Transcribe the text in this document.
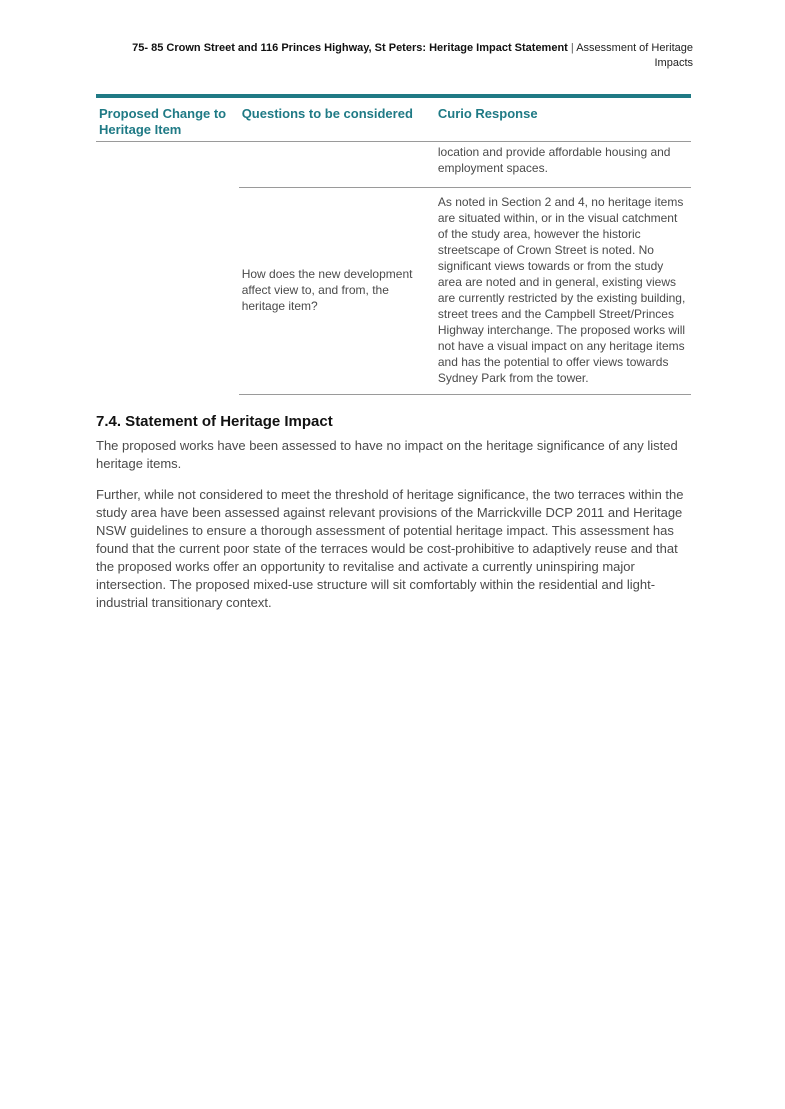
75- 85 Crown Street and 116 Princes Highway, St Peters: Heritage Impact Statement | Assessment of Heritage Impacts
Proposed Change to Heritage Item	Questions to be considered	Curio Response
		location and provide affordable housing and employment spaces.
	How does the new development affect view to, and from, the heritage item?	As noted in Section 2 and 4, no heritage items are situated within, or in the visual catchment of the study area, however the historic streetscape of Crown Street is noted. No significant views towards or from the study area are noted and in general, existing views are currently restricted by the existing building, street trees and the Campbell Street/Princes Highway interchange. The proposed works will not have a visual impact on any heritage items and has the potential to offer views towards Sydney Park from the tower.
7.4. Statement of Heritage Impact

The proposed works have been assessed to have no impact on the heritage significance of any listed heritage items.

Further, while not considered to meet the threshold of heritage significance, the two terraces within the study area have been assessed against relevant provisions of the Marrickville DCP 2011 and Heritage NSW guidelines to ensure a thorough assessment of potential heritage impact. This assessment has found that the current poor state of the terraces would be cost-prohibitive to adaptively reuse and that the proposed works offer an opportunity to revitalise and activate a currently uninspiring major intersection. The proposed mixed-use structure will sit comfortably within the residential and light-industrial transitionary context.
